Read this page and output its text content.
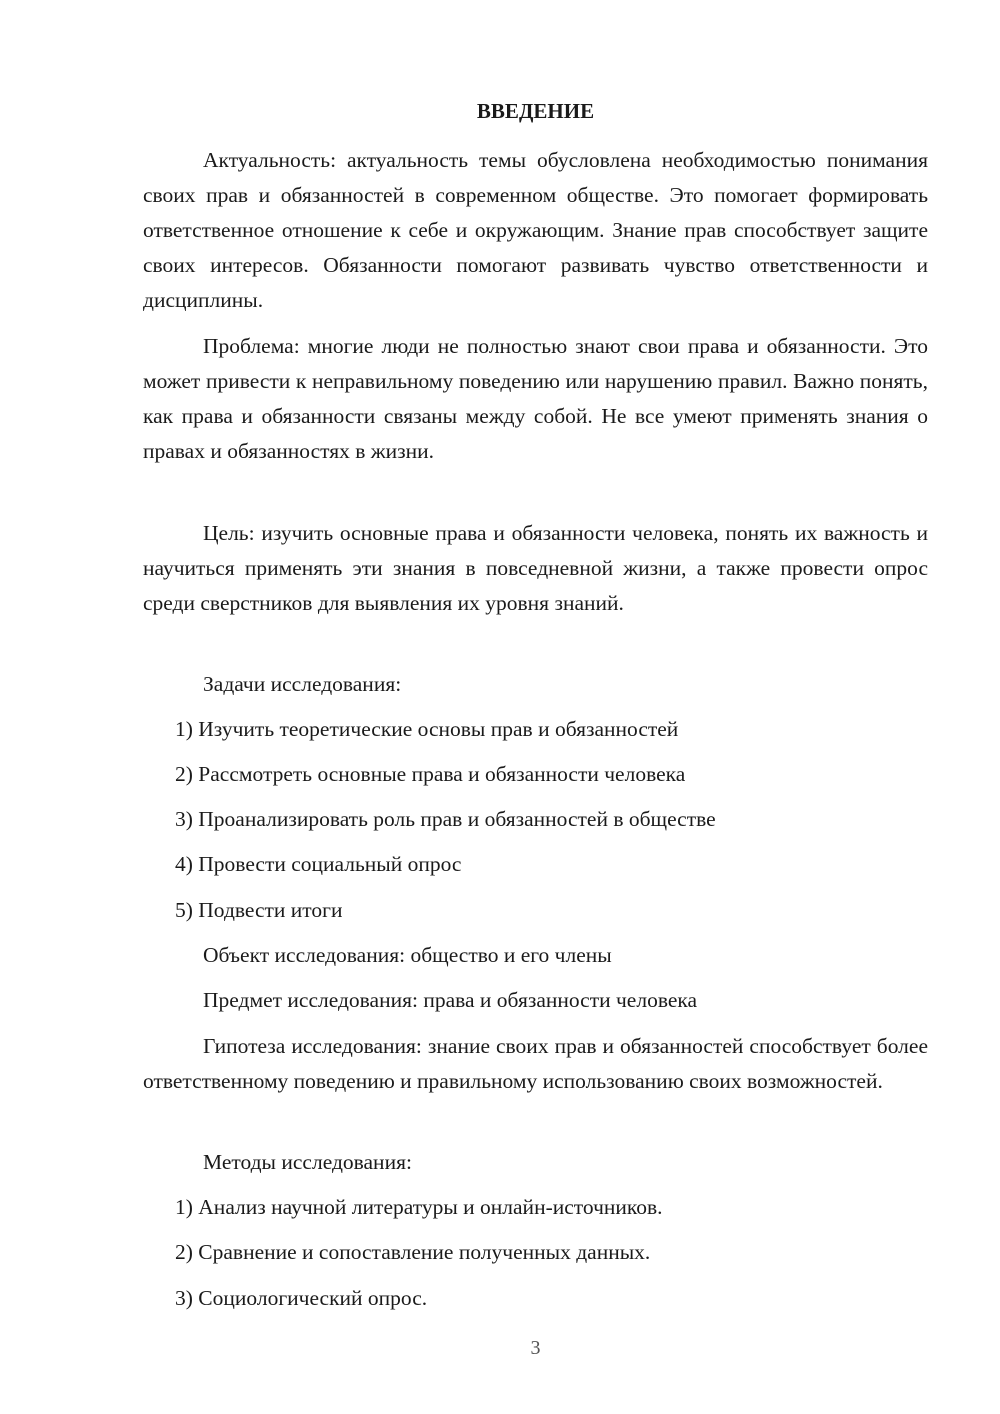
ВВЕДЕНИЕ

Актуальность: актуальность темы обусловлена необходимостью понимания своих прав и обязанностей в современном обществе. Это помогает формировать ответственное отношение к себе и окружающим. Знание прав способствует защите своих интересов. Обязанности помогают развивать чувство ответственности и дисциплины.

Проблема: многие люди не полностью знают свои права и обязанности. Это может привести к неправильному поведению или нарушению правил. Важно понять, как права и обязанности связаны между собой. Не все умеют применять знания о правах и обязанностях в жизни.

Цель: изучить основные права и обязанности человека, понять их важность и научиться применять эти знания в повседневной жизни, а также провести опрос среди сверстников для выявления их уровня знаний.

Задачи исследования:

1) Изучить теоретические основы прав и обязанностей

2) Рассмотреть основные права и обязанности человека

3) Проанализировать роль прав и обязанностей в обществе

4) Провести социальный опрос

5) Подвести итоги

Объект исследования: общество и его члены

Предмет исследования: права и обязанности человека

Гипотеза исследования: знание своих прав и обязанностей способствует более ответственному поведению и правильному использованию своих возможностей.

Методы исследования:

1) Анализ научной литературы и онлайн-источников.

2) Сравнение и сопоставление полученных данных.

3) Социологический опрос.

3
